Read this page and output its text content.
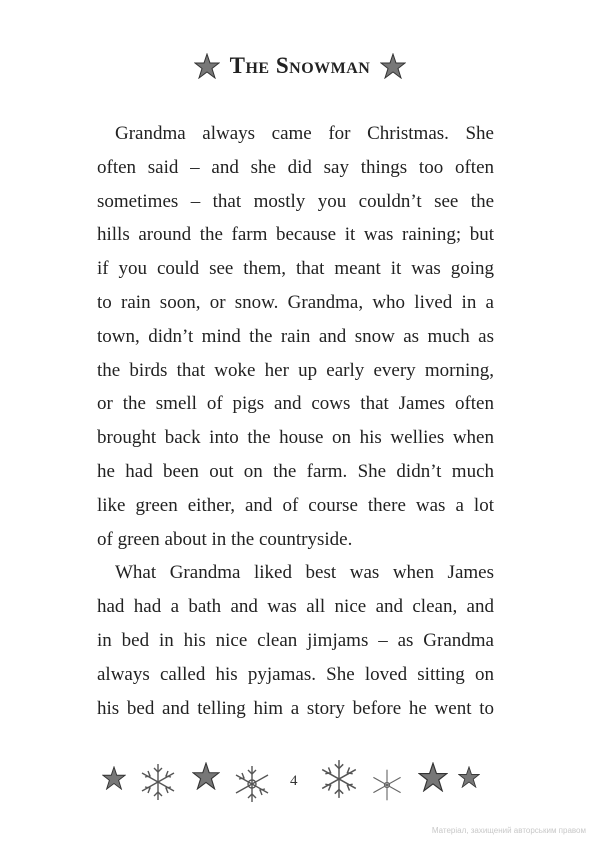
The Snowman

Grandma always came for Christmas. She
often said – and she did say things too often
sometimes – that mostly you couldn’t see the
hills around the farm because it was raining; but
if you could see them, that meant it was going
to rain soon, or snow. Grandma, who lived in a
town, didn’t mind the rain and snow as much as
the birds that woke her up early every morning,
or the smell of pigs and cows that James often
brought back into the house on his wellies when
he had been out on the farm. She didn’t much
like green either, and of course there was a lot
of green about in the countryside.

What Grandma liked best was when James
had had a bath and was all nice and clean, and
in bed in his nice clean jimjams – as Grandma
always called his pyjamas. She loved sitting on
his bed and telling him a story before he went to

4
Матеріал, захищений авторським правом
